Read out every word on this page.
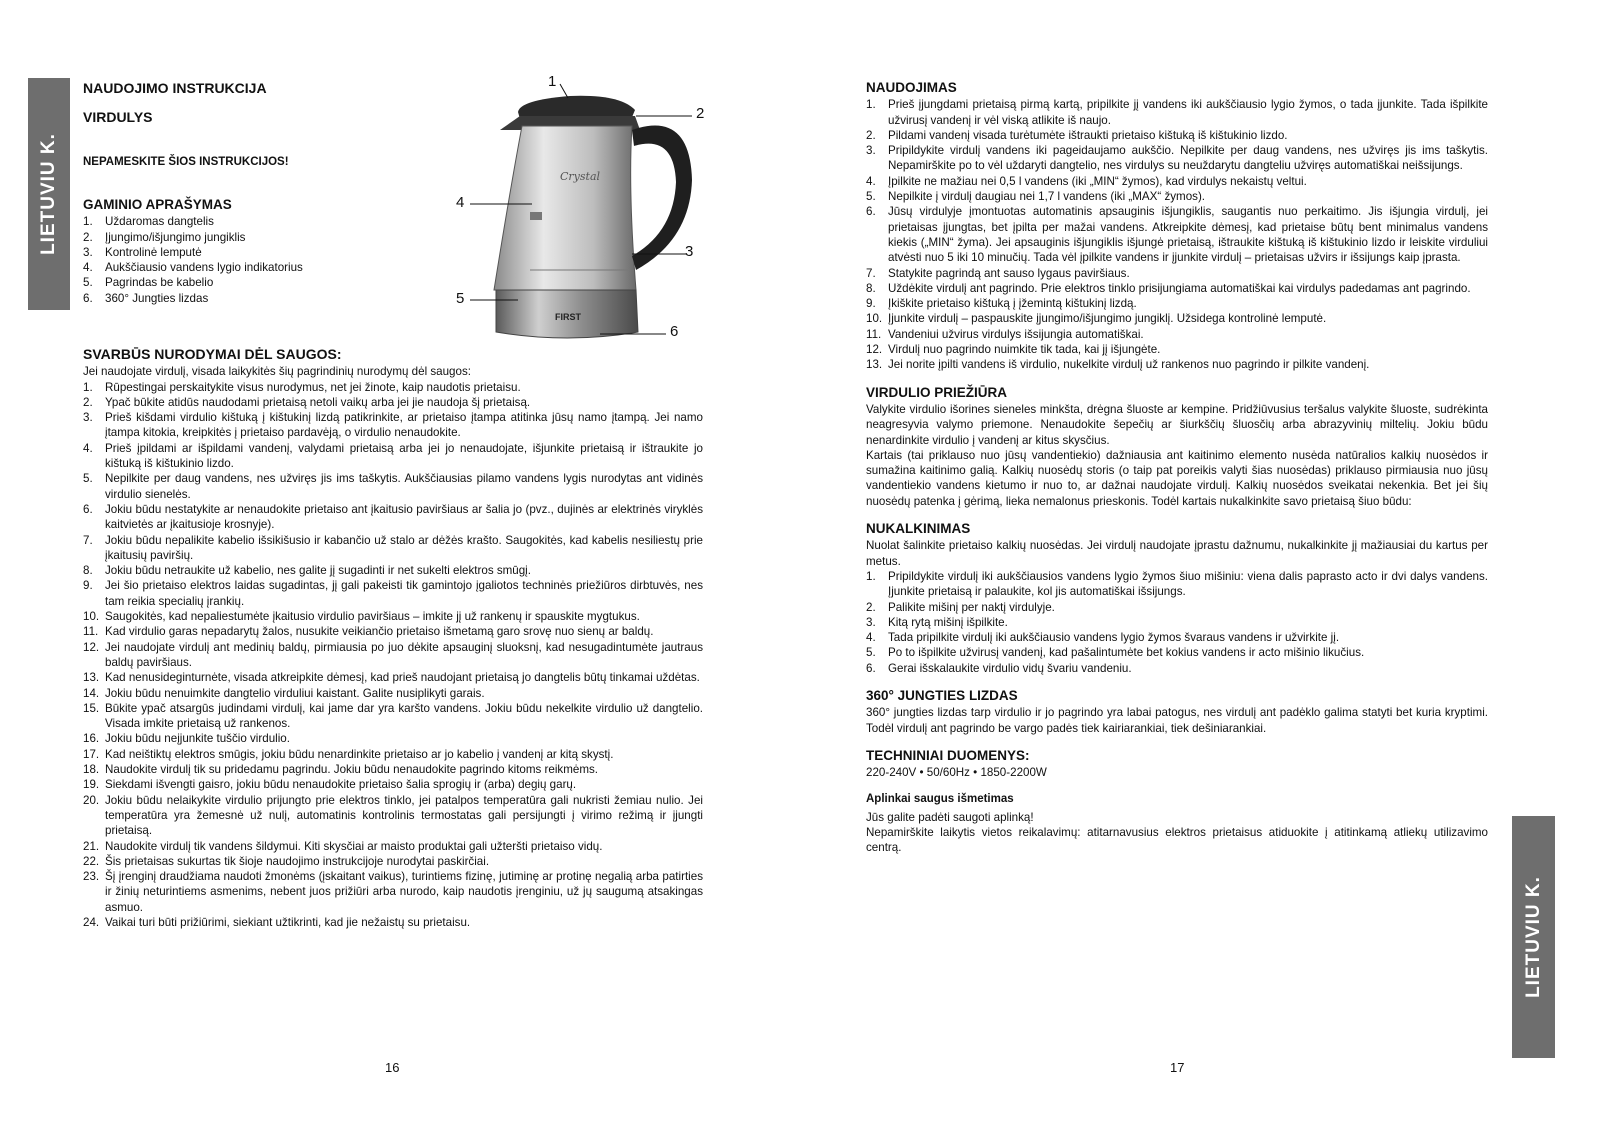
LIETUVIU K.
NAUDOJIMO INSTRUKCIJA
VIRDULYS
NEPAMESKITE ŠIOS INSTRUKCIJOS!
GAMINIO APRAŠYMAS
1. Uždaromas dangtelis
2. Įjungimo/išjungimo jungiklis
3. Kontrolinė lemputė
4. Aukščiausio vandens lygio indikatorius
5. Pagrindas be kabelio
6. 360° Jungties lizdas
FIRST
Crystal
1
2
3
4
5
6
SVARBŪS NURODYMAI DĖL SAUGOS:

Jei naudojate virdulį, visada laikykitės šių pagrindinių nurodymų dėl saugos:

1. Rūpestingai perskaitykite visus nurodymus, net jei žinote, kaip naudotis prietaisu.
2. Ypač būkite atidūs naudodami prietaisą netoli vaikų arba jei jie naudoja šį prietaisą.
3. Prieš kišdami virdulio kištuką į kištukinį lizdą patikrinkite, ar prietaiso įtampa atitinka jūsų namo įtampą. Jei namo įtampa kitokia, kreipkitės į prietaiso pardavėją, o virdulio nenaudokite.
4. Prieš įpildami ar išpildami vandenį, valydami prietaisą arba jei jo nenaudojate, išjunkite prietaisą ir ištraukite jo kištuką iš kištukinio lizdo.
5. Nepilkite per daug vandens, nes užviręs jis ims taškytis. Aukščiausias pilamo vandens lygis nurodytas ant vidinės virdulio sienelės.
6. Jokiu būdu nestatykite ar nenaudokite prietaiso ant įkaitusio paviršiaus ar šalia jo (pvz., dujinės ar elektrinės viryklės kaitvietės ar įkaitusioje krosnyje).
7. Jokiu būdu nepalikite kabelio išsikišusio ir kabančio už stalo ar dėžės krašto. Saugokitės, kad kabelis nesiliestų prie įkaitusių paviršių.
8. Jokiu būdu netraukite už kabelio, nes galite jį sugadinti ir net sukelti elektros smūgį.
9. Jei šio prietaiso elektros laidas sugadintas, jį gali pakeisti tik gamintojo įgaliotos techninės priežiūros dirbtuvės, nes tam reikia specialių įrankių.
10. Saugokitės, kad nepaliestumėte įkaitusio virdulio paviršiaus – imkite jį už rankenų ir spauskite mygtukus.
11. Kad virdulio garas nepadarytų žalos, nusukite veikiančio prietaiso išmetamą garo srovę nuo sienų ar baldų.
12. Jei naudojate virdulį ant medinių baldų, pirmiausia po juo dėkite apsauginį sluoksnį, kad nesugadintumėte jautraus baldų paviršiaus.
13. Kad nenusideginturnėte, visada atkreipkite dėmesį, kad prieš naudojant prietaisą jo dangtelis būtų tinkamai uždėtas.
14. Jokiu būdu nenuimkite dangtelio virduliui kaistant. Galite nusiplikyti garais.
15. Būkite ypač atsargūs judindami virdulį, kai jame dar yra karšto vandens. Jokiu būdu nekelkite virdulio už dangtelio. Visada imkite prietaisą už rankenos.
16. Jokiu būdu neįjunkite tuščio virdulio.
17. Kad neištiktų elektros smūgis, jokiu būdu nenardinkite prietaiso ar jo kabelio į vandenį ar kitą skystį.
18. Naudokite virdulį tik su pridedamu pagrindu. Jokiu būdu nenaudokite pagrindo kitoms reikmėms.
19. Siekdami išvengti gaisro, jokiu būdu nenaudokite prietaiso šalia sprogių ir (arba) degių garų.
20. Jokiu būdu nelaikykite virdulio prijungto prie elektros tinklo, jei patalpos temperatūra gali nukristi žemiau nulio. Jei temperatūra yra žemesnė už nulį, automatinis kontrolinis termostatas gali persijungti į virimo režimą ir įjungti prietaisą.
21. Naudokite virdulį tik vandens šildymui. Kiti skysčiai ar maisto produktai gali užteršti prietaiso vidų.
22. Šis prietaisas sukurtas tik šioje naudojimo instrukcijoje nurodytai paskirčiai.
23. Šį įrenginį draudžiama naudoti žmonėms (įskaitant vaikus), turintiems fizinę, jutiminę ar protinę negalią arba patirties ir žinių neturintiems asmenims, nebent juos prižiūri arba nurodo, kaip naudotis įrenginiu, už jų saugumą atsakingas asmuo.
24. Vaikai turi būti prižiūrimi, siekiant užtikrinti, kad jie nežaistų su prietaisu.
16
NAUDOJIMAS
1. Prieš įjungdami prietaisą pirmą kartą, pripilkite jį vandens iki aukščiausio lygio žymos, o tada įjunkite. Tada išpilkite užvirusį vandenį ir vėl viską atlikite iš naujo.
2. Pildami vandenį visada turėtumėte ištraukti prietaiso kištuką iš kištukinio lizdo.
3. Pripildykite virdulį vandens iki pageidaujamo aukščio. Nepilkite per daug vandens, nes užviręs jis ims taškytis. Nepamirškite po to vėl uždaryti dangtelio, nes virdulys su neuždarytu dangteliu užviręs automatiškai neišsijungs.
4. Įpilkite ne mažiau nei 0,5 l vandens (iki „MIN“ žymos), kad virdulys nekaistų veltui.
5. Nepilkite į virdulį daugiau nei 1,7 l vandens (iki „MAX“ žymos).
6. Jūsų virdulyje įmontuotas automatinis apsauginis išjungiklis, saugantis nuo perkaitimo. Jis išjungia virdulį, jei prietaisas įjungtas, bet įpilta per mažai vandens. Atkreipkite dėmesį, kad prietaise būtų bent minimalus vandens kiekis („MIN“ žyma). Jei apsauginis išjungiklis išjungė prietaisą, ištraukite kištuką iš kištukinio lizdo ir leiskite virduliui atvėsti nuo 5 iki 10 minučių. Tada vėl įpilkite vandens ir įjunkite virdulį – prietaisas užvirs ir išsijungs kaip įprasta.
7. Statykite pagrindą ant sauso lygaus paviršiaus.
8. Uždėkite virdulį ant pagrindo. Prie elektros tinklo prisijungiama automatiškai kai virdulys padedamas ant pagrindo.
9. Įkiškite prietaiso kištuką į įžemintą kištukinį lizdą.
10. Įjunkite virdulį – paspauskite įjungimo/išjungimo jungiklį. Užsidega kontrolinė lemputė.
11. Vandeniui užvirus virdulys išsijungia automatiškai.
12. Virdulį nuo pagrindo nuimkite tik tada, kai jį išjungėte.
13. Jei norite įpilti vandens iš virdulio, nukelkite virdulį už rankenos nuo pagrindo ir pilkite vandenį.
VIRDULIO PRIEŽIŪRA

Valykite virdulio išorines sieneles minkšta, drėgna šluoste ar kempine. Pridžiūvusius teršalus valykite šluoste, sudrėkinta neagresyvia valymo priemone. Nenaudokite šepečių ar šiurkščių šluosčių arba abrazyvinių miltelių. Jokiu būdu nenardinkite virdulio į vandenį ar kitus skysčius.

Kartais (tai priklauso nuo jūsų vandentiekio) dažniausia ant kaitinimo elemento nusėda natūralios kalkių nuosėdos ir sumažina kaitinimo galią. Kalkių nuosėdų storis (o taip pat poreikis valyti šias nuosėdas) priklauso pirmiausia nuo jūsų vandentiekio vandens kietumo ir nuo to, ar dažnai naudojate virdulį. Kalkių nuosėdos sveikatai nekenkia. Bet jei šių nuosėdų patenka į gėrimą, lieka nemalonus prieskonis. Todėl kartais nukalkinkite savo prietaisą šiuo būdu:

NUKALKINIMAS

Nuolat šalinkite prietaiso kalkių nuosėdas. Jei virdulį naudojate įprastu dažnumu, nukalkinkite jį mažiausiai du kartus per metus.

1. Pripildykite virdulį iki aukščiausios vandens lygio žymos šiuo mišiniu: viena dalis paprasto acto ir dvi dalys vandens. Įjunkite prietaisą ir palaukite, kol jis automatiškai išsijungs.
2. Palikite mišinį per naktį virdulyje.
3. Kitą rytą mišinį išpilkite.
4. Tada pripilkite virdulį iki aukščiausio vandens lygio žymos švaraus vandens ir užvirkite jį.
5. Po to išpilkite užvirusį vandenį, kad pašalintumėte bet kokius vandens ir acto mišinio likučius.
6. Gerai išskalaukite virdulio vidų švariu vandeniu.
360° JUNGTIES LIZDAS

360° jungties lizdas tarp virdulio ir jo pagrindo yra labai patogus, nes virdulį ant padėklo galima statyti bet kuria kryptimi. Todėl virdulį ant pagrindo be vargo padės tiek kairiarankiai, tiek dešiniarankiai.

TECHNINIAI DUOMENYS:

220-240V • 50/60Hz • 1850-2200W

Aplinkai saugus išmetimas

Jūs galite padėti saugoti aplinką!

Nepamirškite laikytis vietos reikalavimų: atitarnavusius elektros prietaisus atiduokite į atitinkamą atliekų utilizavimo centrą.

LIETUVIU K.
17
